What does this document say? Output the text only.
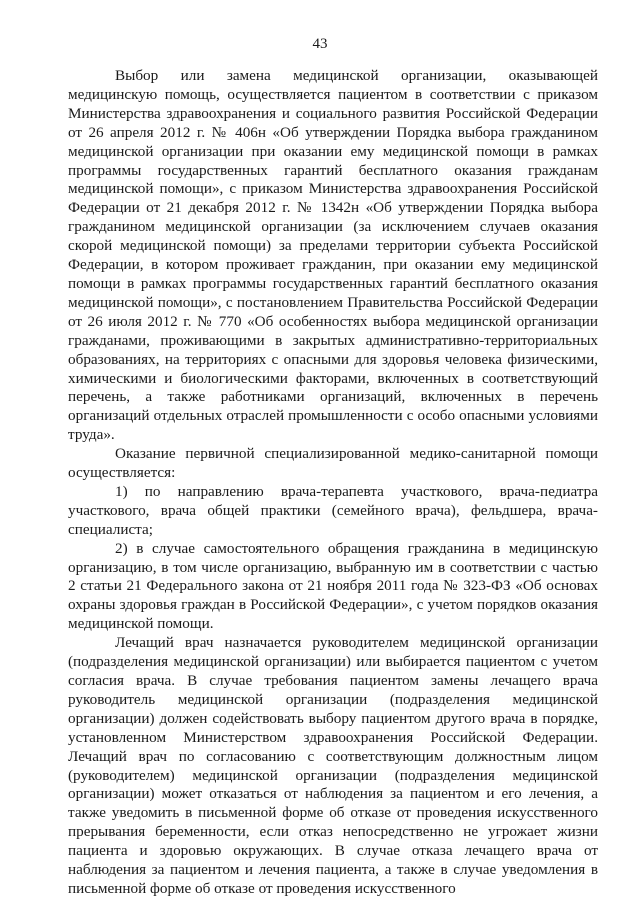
43

Выбор или замена медицинской организации, оказывающей медицинскую помощь, осуществляется пациентом в соответствии с приказом Министерства здравоохранения и социального развития Российской Федерации от 26 апреля 2012 г. № 406н «Об утверждении Порядка выбора гражданином медицинской организации при оказании ему медицинской помощи в рамках программы государственных гарантий бесплатного оказания гражданам медицинской помощи», с приказом Министерства здравоохранения Российской Федерации от 21 декабря 2012 г. № 1342н «Об утверждении Порядка выбора гражданином медицинской организации (за исключением случаев оказания скорой медицинской помощи) за пределами территории субъекта Российской Федерации, в котором проживает гражданин, при оказании ему медицинской помощи в рамках программы государственных гарантий бесплатного оказания медицинской помощи», с постановлением Правительства Российской Федерации от 26 июля 2012 г. № 770 «Об особенностях выбора медицинской организации гражданами, проживающими в закрытых административно-территориальных образованиях, на территориях с опасными для здоровья человека физическими, химическими и биологическими факторами, включенных в соответствующий перечень, а также работниками организаций, включенных в перечень организаций отдельных отраслей промышленности с особо опасными условиями труда».

Оказание первичной специализированной медико-санитарной помощи осуществляется:

1) по направлению врача-терапевта участкового, врача-педиатра участкового, врача общей практики (семейного врача), фельдшера, врача-специалиста;

2) в случае самостоятельного обращения гражданина в медицинскую организацию, в том числе организацию, выбранную им в соответствии с частью 2 статьи 21 Федерального закона от 21 ноября 2011 года № 323-ФЗ «Об основах охраны здоровья граждан в Российской Федерации», с учетом порядков оказания медицинской помощи.

Лечащий врач назначается руководителем медицинской организации (подразделения медицинской организации) или выбирается пациентом с учетом согласия врача. В случае требования пациентом замены лечащего врача руководитель медицинской организации (подразделения медицинской организации) должен содействовать выбору пациентом другого врача в порядке, установленном Министерством здравоохранения Российской Федерации. Лечащий врач по согласованию с соответствующим должностным лицом (руководителем) медицинской организации (подразделения медицинской организации) может отказаться от наблюдения за пациентом и его лечения, а также уведомить в письменной форме об отказе от проведения искусственного прерывания беременности, если отказ непосредственно не угрожает жизни пациента и здоровью окружающих. В случае отказа лечащего врача от наблюдения за пациентом и лечения пациента, а также в случае уведомления в письменной форме об отказе от проведения искусственного
